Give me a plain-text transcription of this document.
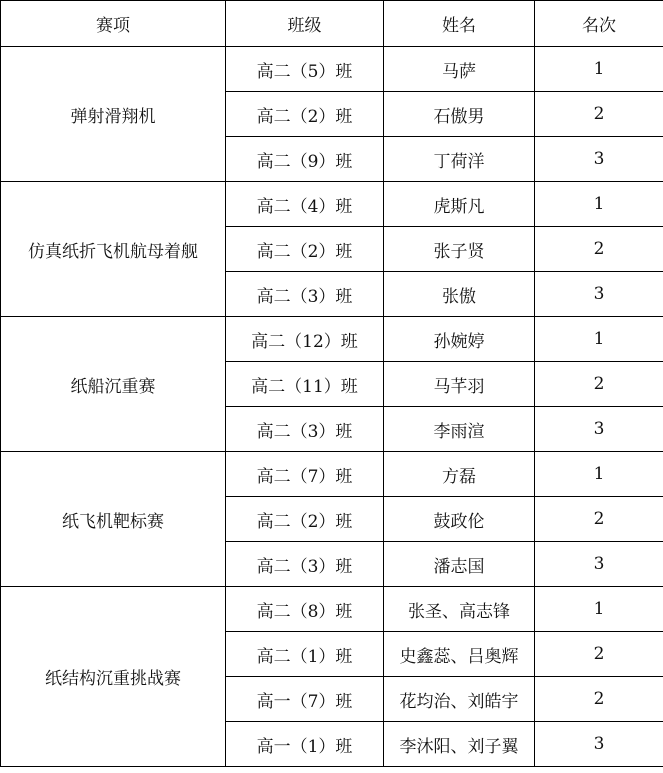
赛项	班级	姓名	名次
弹射滑翔机	高二（5）班	马萨	1
	高二（2）班	石傲男	2
	高二（9）班	丁荷洋	3
仿真纸折飞机航母着舰	高二（4）班	虎斯凡	1
	高二（2）班	张子贤	2
	高二（3）班	张傲	3
纸船沉重赛	高二（12）班	孙婉婷	1
	高二（11）班	马芊羽	2
	高二（3）班	李雨渲	3
纸飞机靶标赛	高二（7）班	方磊	1
	高二（2）班	鼓政伦	2
	高二（3）班	潘志国	3
纸结构沉重挑战赛	高二（8）班	张圣、高志锋	1
	高二（1）班	史鑫蕊、吕奥辉	2
	高一（7）班	花均治、刘皓宇	2
	高一（1）班	李沐阳、刘子翼	3
